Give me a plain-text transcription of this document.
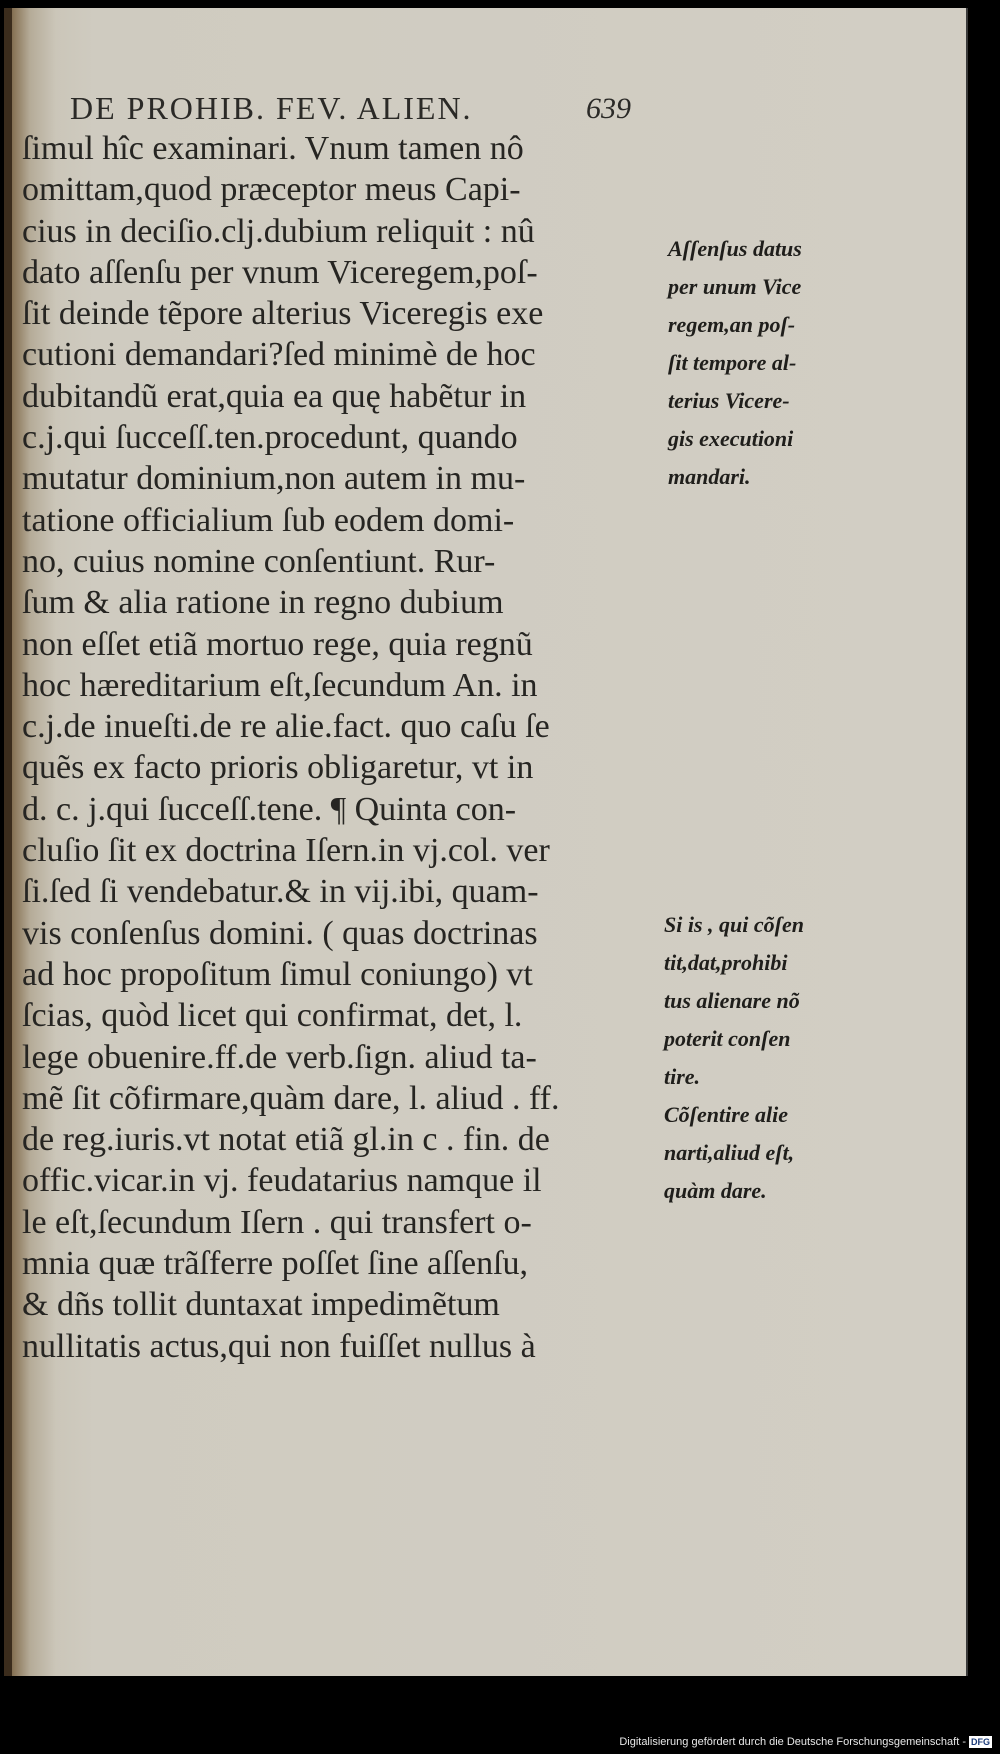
DE PROHIB. FEV. ALIEN.	639
ſimul hîc examinari. Vnum tamen nô
omittam,quod præceptor meus Capi-
cius in deciſio.clj.dubium reliquit : nû
dato aſſenſu per vnum Viceregem,poſ-
ſit deinde tẽpore alterius Viceregis exe
cutioni demandari?ſed minimè de hoc
dubitandũ erat,quia ea quę habẽtur in
c.j.qui ſucceſſ.ten.procedunt, quando
mutatur dominium,non autem in mu-
tatione officialium ſub eodem domi-
no, cuius nomine conſentiunt. Rur-
ſum & alia ratione in regno dubium
non eſſet etiã mortuo rege, quia regnũ
hoc hæreditarium eſt,ſecundum An. in
c.j.de inueſti.de re alie.fact. quo caſu ſe
quẽs ex facto prioris obligaretur, vt in
d. c. j.qui ſucceſſ.tene. ¶ Quinta con-
cluſio ſit ex doctrina Iſern.in vj.col. ver
ſi.ſed ſi vendebatur.& in vij.ibi, quam-
vis conſenſus domini. ( quas doctrinas
ad hoc propoſitum ſimul coniungo) vt
ſcias, quòd licet qui confirmat, det, l.
lege obuenire.ff.de verb.ſign. aliud ta-
mẽ ſit cõfirmare,quàm dare, l. aliud . ff.
de reg.iuris.vt notat etiã gl.in c . fin. de
offic.vicar.in vj. feudatarius namque il
le eſt,ſecundum Iſern . qui transfert o-
mnia quæ trãſferre poſſet ſine aſſenſu,
& dñs tollit duntaxat impedimẽtum
nullitatis actus,qui non fuiſſet nullus à
Aſſenſus datus
per unum Vice
regem,an poſ-
ſit tempore al-
terius Vicere-
gis executioni
mandari.
Si is , qui cõſen
tit,dat,prohibi
tus alienare nõ
poterit conſen
tire.
Cõſentire alie
narti,aliud eſt,
quàm dare.
Digitalisierung gefördert durch die Deutsche Forschungsgemeinschaft - DFG
